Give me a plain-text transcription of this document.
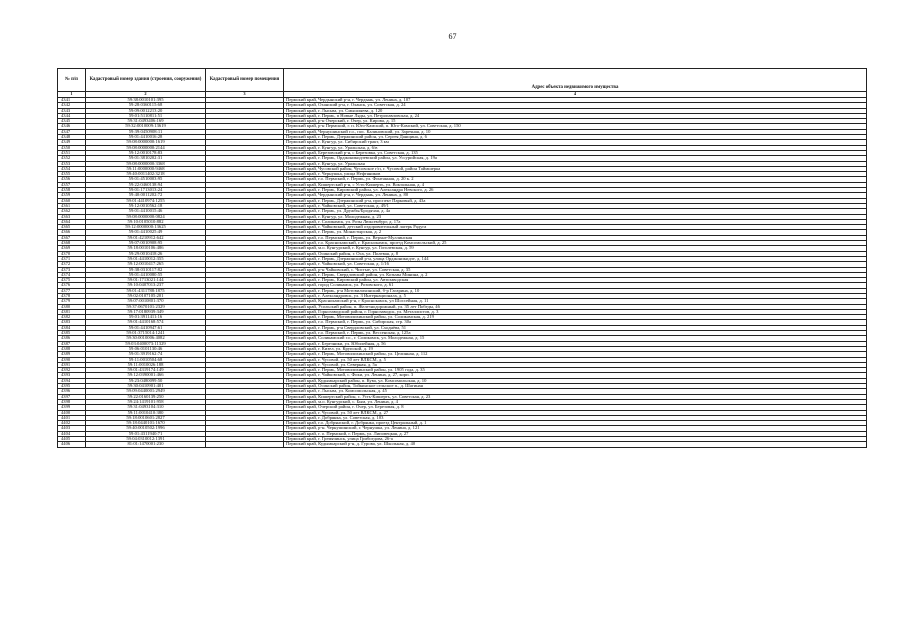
67
№ п/п	Кадастровый номер здания (строения, сооружения)	Кадастровый номер помещения	Адрес объекта недвижимого имущества
1	2	3	4
4341	59:38:0010101:395		Пермский край, Чердынский р-н, г. Чердынь, ул. Ленина, д. 107
4342	59:28:0360115:68		Пермский край, Оханский р-н, г. Оханск, ул. Советская, д. 24
4343	59:09:0012213:20		Пермский край, г. Лысьва, ул. Смышляева, д. 120
4344	59:01:5110811:51		Пермский край, г. Пермь, п Новые Ляды, ул. Петропавловская, д. 24
4345	59:31:0493406:169		Пермский край, р-н Очерский, г. Очер, ул. Кирова, д. 15
4346	59:32:0010009:13619		Пермский край, р-н Пермский, г. п. Юго-Камский, п. Юго-Камский, ул. Советская, д. 150
4347	59:39:0450908:11		Пермский край, Чернушинский г.о., пос. Калиновский, ул. Заречная, д. 10
4348	59:01:4410016:28		Пермский край, г. Пермь, Дзержинский район, ул. Сергея Данщина, д. 6
4349	59:08:0000000:1619		Пермский край, г. Кунгур, ул. Сибирский тракт, 3 км
4350	59:08:0000000:2144		Пермский край, г. Кунгур, ул. Уральская, д. 6/в
4351	59:12:0010178:83		Пермский край, Березовский р-н, с Березовка, ул. Советская, д. 135
4352	59:01:3810202:31		Пермский край, г. Пермь, Орджоникидзевский район, ул. Уссурийская, д. 19а
4353	59:08:0000000:3368		Пермский край, г. Кунгур, ул. Уральская
4354	59:11:0000000:9468		Пермский край, Чусовской район, Чусовское г/п, г. Чусовой, район Таймшерка
4355	59:40:0011402:3218		Пермский край, г. Чернушка, улица Нефтяников
4356	59:01:4510003:95		Пермский край, г.о. Пермский, г. Пермь, ул. Фонтанная, д. 20 к. 2
4357	59:22:0460138:94		Пермский край, Кишертский р-н, с Усть-Кишерть, ул. Вокзальная, д. 4
4358	59:01:1713013:24		Пермский край, г. Пермь, Кировский район, ул. Александра Невского, д. 26
4359	59:40:0011202:72		Пермский край, Чердынский р-н, г. Чердынь, ул. Ленина, д. 80
4360	59:01:4410974:1255		Пермский край, г. Пермь, Дзержинский р-н, проспект Парковый, д. 43а
4361	59:12:0010562:18		Пермский край, г. Чайковский, ул. Советская, д. 49/1
4362	59:01:4410015:46		Пермский край, г. Пермь, ул. Дружбы/Бродячая, д. 4а
4363	59:08:0000000:0824		Пермский край, г. Кунгур, ул. Молодежная, д. 23
4364	59:10:0105010:882		Пермский край, г. Соликамск, ул. Розы Люксембург, д. 17а
4365	59:12:0000000:13625		Пермский край, г. Чайковский, детский оздоровительный лагерь Радуга
4366	59:01:4410025:49		Пермский край, г. Пермь, ул. Монастырская, д. 2
4367	59:01:4210912:642		Пермский край, г.о. Пермский, г. Пермь, ул. Верхне-Муллинская
4368	59:07:0010908:95		Пермский край, г.о. Краснокамский, г. Краснокамск, проезд Комсомольский, д. 25
4369	59:18:0010106:486		Пермский край, м.о. Кунгурский, г. Кунгур, ул. Гоголевская, д. 59
4370	59:29:0010418:26		Пермский край, Осинский район, г. Оса, ул. Полевая, д. 8
4371	59:01:4410012:355		Пермский край, г. Пермь, Дзержинский р-н, улица Орджоникидзе, д. 144
4372	59:12:0010417:265		Пермский край, г. Чайковский, ул. Советская, д. 1/16
4373	59:38:0310117:82		Пермский край, р-н Чайковский, с. Чистые, ул. Советская, д. 35
4374	59:01:4410080:55		Пермский край, г. Пермь, Свердловский район, ул. Козьмы Минина, д. 2
4375	59:01:1713021:144		Пермский край, г. Пермь, Кировский район, ул. Автозаводская
4376	59:10:0407013:237		Пермский край, город Соликамск, ул. Розовского, д. 61
4377	59:01:4311788:1875		Пермский край, г. Пермь, р-н Мотовилихинский, б-р Гагарина, д. 10
4378	59:02:0107105:201		Пермский край, г. Александровск, ул. 3 Интернационала, д. 5
4379	59:07:0010801:370		Пермский край, Краснокамский р-н, г Краснокамск, ул Шоссейная, д. 11
4380	59:37:0670101:2329		Пермский край, Усольский район, п. Железнодорожный, ул. 35 лет Победы, 46
4381	59:17:0180939:349		Пермский край, Горнозаводский район, г. Горнозаводск, ул. Металлистов, д. 3
4382	59:01:3911411:16		Пермский край, г. Пермь, Мотовилихинский район, ул. Соликамская, д. 219
4383	59:01:4410168:574		Пермский край, г.о. Пермский, г. Пермь, ул. Сибирская, стр. 30а
4384	59:01:4410947:61		Пермский край, г. Пермь, р-н Свердловский, ул. Сходнёва, 51
4385	59:01:3715014:1241		Пермский край, г.о. Пермский, г. Пермь, ул. Вессенская, д. 125а
4386	59:30:0010006:4082		Пермский край, Соликамский г.о., г. Соликамск, ул. Молодежная, д. 15
4387	59:03:0400073:11329		Пермский край, г. Березники, ул. Юбилейная, д. 56
4388	59:06:0101130:46		Пермский край, г. Кизел, ул. Крупской, д. 19
4389	59:01:3919162:74		Пермский край, г. Пермь, Мотовилихинский район, ул. Целинная, д. 112
4390	59:11:0010504:68		Пермский край, г. Чусовой, ул. 50 лет ВЛКСМ, д. 5
4391	59:11:0010026:188		Пермский край, г. Чусовой, ул. Северная, д. 5а
4392	59:01:4319174:149		Пермский край, г. Пермь, Мотовилихинский район, ул. 1905 года, д. 35
4393	59:12:0390001:466		Пермский край, г. Чайковский, с. Фоки, ул. Ленина, д. 27, корп. 3
4394	59:23:0480099:50		Пермский край, Кудымкарский район, п. Кува, ул. Комсомольская, д. 10
4395	59:30:0410901:401		Пермский край, Осинский район, Тойкинское сельское п., д. Шагиная
4396	59:09:0440001:2949		Пермский край, г. Лысьва, ул. Комсомольская, д. 45
4397	59:22:0160139:250		Пермский край, Кишертский район, с. Усть-Кишерть, ул. Советская, д. 23
4398	59:24:1419101:958		Пермский край, м.о. Кунгурский, с. Бым, ул. Ленина, д. 4
4399	59:31:0493104:310		Пермский край, Очерский район, г. Очер, ул. Березовая, д. 8
4400	59:11:0010410:380		Пермский край, г. Чусовой, ул. 50 лет ВЛКСМ, д. 27
4401	59:18:0010601:2827		Пермский край, г. Добрянка, ул. Советская, д. 103
4402	59:18:0440101:1670		Пермский край, г.о. Добрянский, г. Добрянка, проезд Центральный, д. 1
4403	59:40:0010502:1996		Пермский край, р-н. Чернушинский, г. Чернушка, ул. Ленина, д. 121
4404	59:01:4311940:71		Пермский край, г. о. Пермский, г. Пермь, ул. Липовецкая, д. 27
4405	59:04:0310012:1391		Пермский край, г. Гремячинск, улица Грибоедова, 26-а
4406	81:01:1470001:230		Пермский край, Кудымкарский р-н, д. Гурова, ул. Школьная, д. 40
